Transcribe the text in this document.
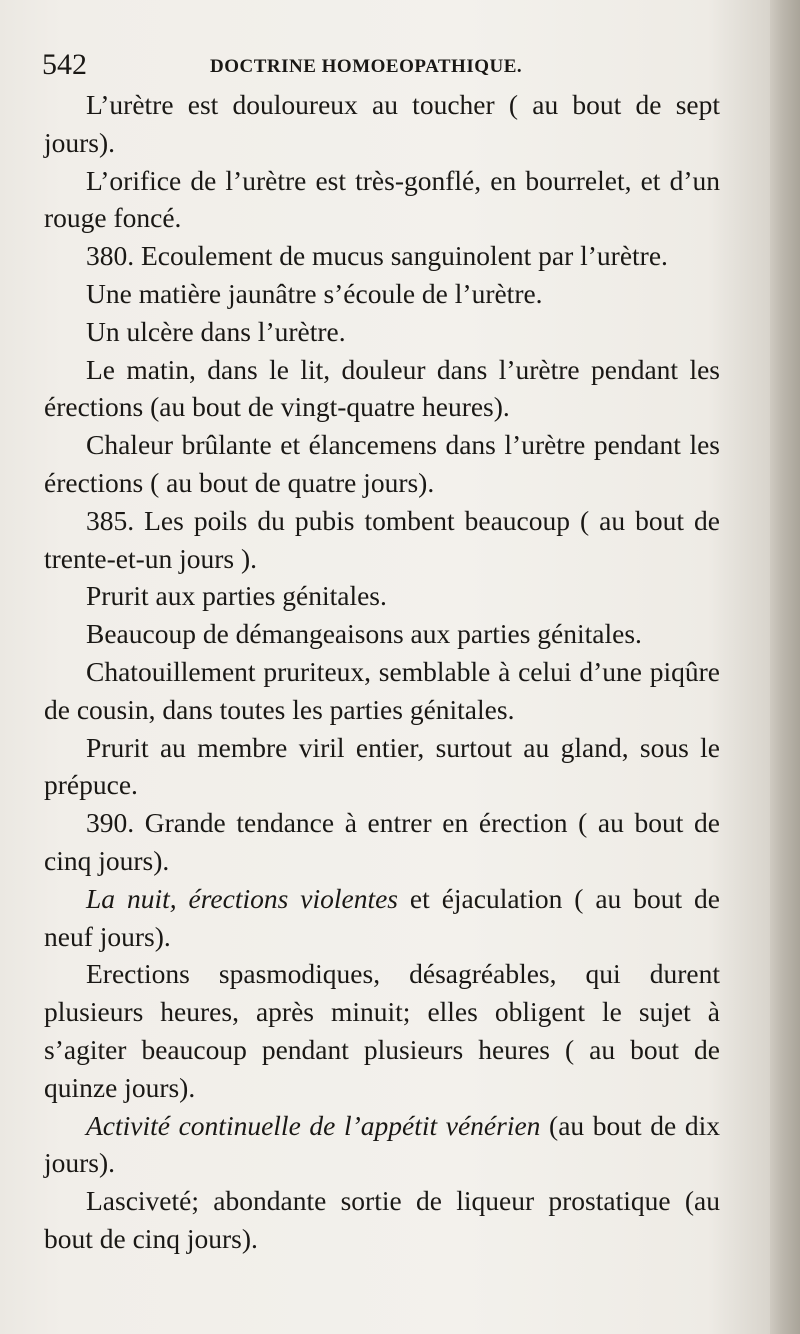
542	DOCTRINE HOMOEOPATHIQUE.

L’urètre est douloureux au toucher ( au bout de sept jours).

L’orifice de l’urètre est très-gonflé, en bourrelet, et d’un rouge foncé.

380. Ecoulement de mucus sanguinolent par l’urètre.

Une matière jaunâtre s’écoule de l’urètre.

Un ulcère dans l’urètre.

Le matin, dans le lit, douleur dans l’urètre pendant les érections (au bout de vingt-quatre heures).

Chaleur brûlante et élancemens dans l’urètre pendant les érections ( au bout de quatre jours).

385. Les poils du pubis tombent beaucoup ( au bout de trente-et-un jours ).

Prurit aux parties génitales.

Beaucoup de démangeaisons aux parties génitales.

Chatouillement pruriteux, semblable à celui d’une piqûre de cousin, dans toutes les parties génitales.

Prurit au membre viril entier, surtout au gland, sous le prépuce.

390. Grande tendance à entrer en érection ( au bout de cinq jours).

La nuit, érections violentes et éjaculation ( au bout de neuf jours).

Erections spasmodiques, désagréables, qui durent plusieurs heures, après minuit; elles obligent le sujet à s’agiter beaucoup pendant plusieurs heures ( au bout de quinze jours).

Activité continuelle de l’appétit vénérien (au bout de dix jours).

Lasciveté; abondante sortie de liqueur prostatique (au bout de cinq jours).
